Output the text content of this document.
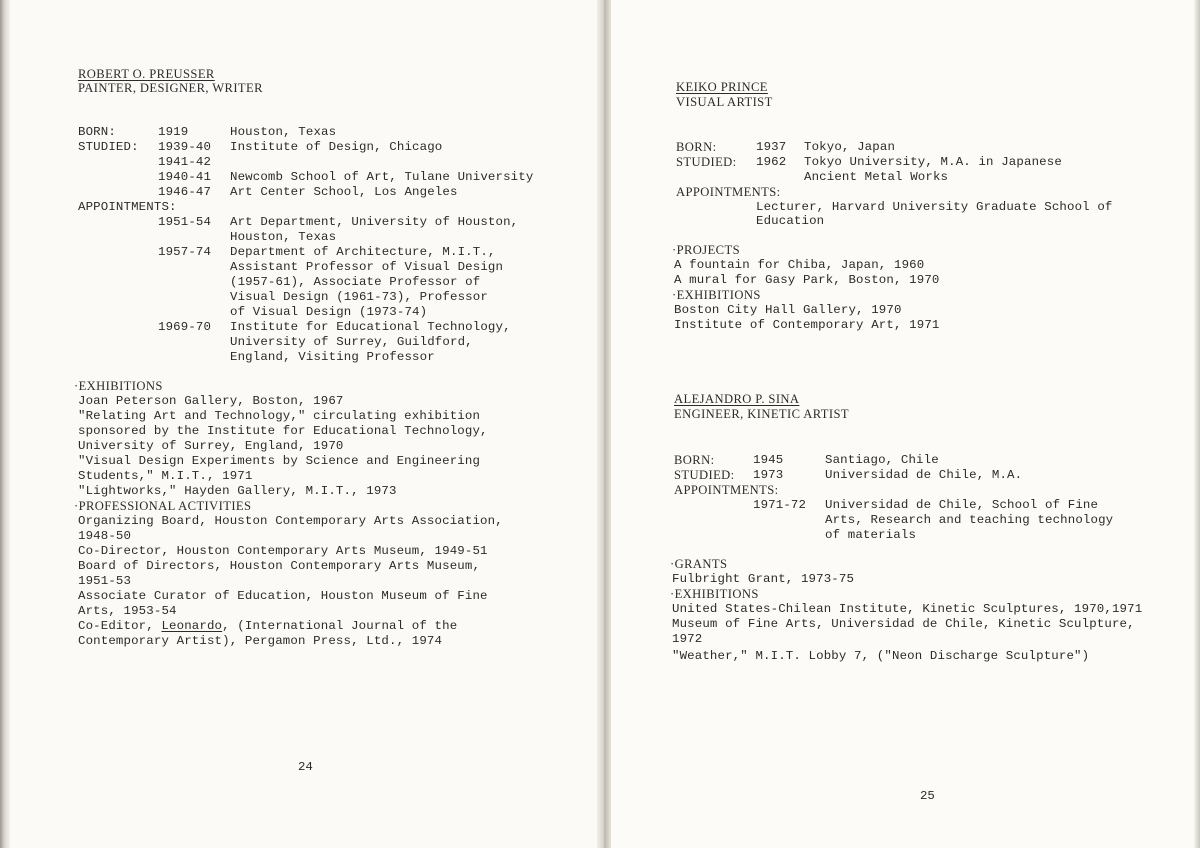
ROBERT O. PREUSSER
PAINTER, DESIGNER, WRITER
BORN:	1919	Houston, Texas
STUDIED: 1939-40 Institute of Design, Chicago
1941-42
1940-41 Newcomb School of Art, Tulane University
1946-47 Art Center School, Los Angeles
APPOINTMENTS:
1951-54 Art Department, University of Houston,
Houston, Texas
1957-74 Department of Architecture, M.I.T.,
Assistant Professor of Visual Design
(1957-61), Associate Professor of
Visual Design (1961-73), Professor
of Visual Design (1973-74)
1969-70 Institute for Educational Technology,
University of Surrey, Guildford,
England, Visiting Professor
·EXHIBITIONS
Joan Peterson Gallery, Boston, 1967
"Relating Art and Technology," circulating exhibition
sponsored by the Institute for Educational Technology,
University of Surrey, England, 1970
"Visual Design Experiments by Science and Engineering
Students," M.I.T., 1971
"Lightworks," Hayden Gallery, M.I.T., 1973
·PROFESSIONAL ACTIVITIES
Organizing Board, Houston Contemporary Arts Association,
1948-50
Co-Director, Houston Contemporary Arts Museum, 1949-51
Board of Directors, Houston Contemporary Arts Museum,
1951-53
Associate Curator of Education, Houston Museum of Fine
Arts, 1953-54
Co-Editor, Leonardo, (International Journal of the
Contemporary Artist), Pergamon Press, Ltd., 1974
24
KEIKO PRINCE
VISUAL ARTIST
BORN:	1937 Tokyo, Japan
STUDIED: 1962 Tokyo University, M.A. in Japanese
Ancient Metal Works
APPOINTMENTS:
Lecturer, Harvard University Graduate School of
Education
·PROJECTS
A fountain for Chiba, Japan, 1960
A mural for Gasy Park, Boston, 1970
·EXHIBITIONS
Boston City Hall Gallery, 1970
Institute of Contemporary Art, 1971
ALEJANDRO P. SINA
ENGINEER, KINETIC ARTIST
BORN:	1945	Santiago, Chile
STUDIED: 1973	Universidad de Chile, M.A.
APPOINTMENTS:
1971-72 Universidad de Chile, School of Fine
Arts, Research and teaching technology
of materials
·GRANTS
Fulbright Grant, 1973-75
·EXHIBITIONS
United States-Chilean Institute, Kinetic Sculptures, 1970,1971
Museum of Fine Arts, Universidad de Chile, Kinetic Sculpture,
1972
"Weather," M.I.T. Lobby 7, ("Neon Discharge Sculpture")
25
